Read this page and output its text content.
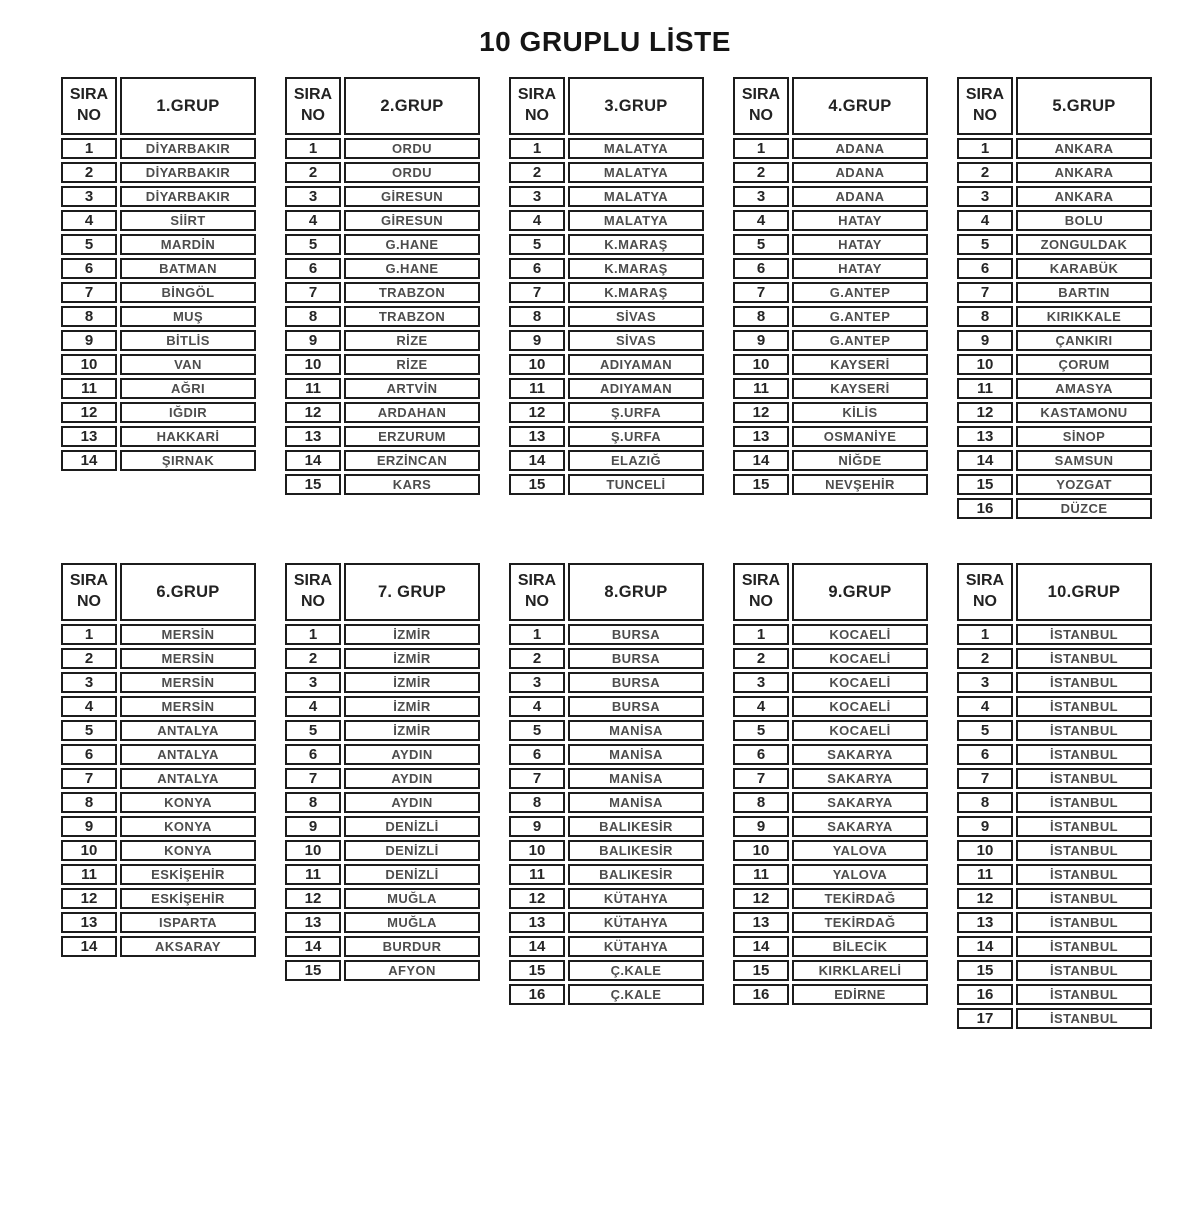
10 GRUPLU LİSTE
SIRA
NO	1.GRUP
1	DİYARBAKIR
2	DİYARBAKIR
3	DİYARBAKIR
4	SİİRT
5	MARDİN
6	BATMAN
7	BİNGÖL
8	MUŞ
9	BİTLİS
10	VAN
11	AĞRI
12	IĞDIR
13	HAKKARİ
14	ŞIRNAK
SIRA
NO	2.GRUP
1	ORDU
2	ORDU
3	GİRESUN
4	GİRESUN
5	G.HANE
6	G.HANE
7	TRABZON
8	TRABZON
9	RİZE
10	RİZE
11	ARTVİN
12	ARDAHAN
13	ERZURUM
14	ERZİNCAN
15	KARS
SIRA
NO	3.GRUP
1	MALATYA
2	MALATYA
3	MALATYA
4	MALATYA
5	K.MARAŞ
6	K.MARAŞ
7	K.MARAŞ
8	SİVAS
9	SİVAS
10	ADIYAMAN
11	ADIYAMAN
12	Ş.URFA
13	Ş.URFA
14	ELAZIĞ
15	TUNCELİ
SIRA
NO	4.GRUP
1	ADANA
2	ADANA
3	ADANA
4	HATAY
5	HATAY
6	HATAY
7	G.ANTEP
8	G.ANTEP
9	G.ANTEP
10	KAYSERİ
11	KAYSERİ
12	KİLİS
13	OSMANİYE
14	NİĞDE
15	NEVŞEHİR
SIRA
NO	5.GRUP
1	ANKARA
2	ANKARA
3	ANKARA
4	BOLU
5	ZONGULDAK
6	KARABÜK
7	BARTIN
8	KIRIKKALE
9	ÇANKIRI
10	ÇORUM
11	AMASYA
12	KASTAMONU
13	SİNOP
14	SAMSUN
15	YOZGAT
16	DÜZCE
SIRA
NO	6.GRUP
1	MERSİN
2	MERSİN
3	MERSİN
4	MERSİN
5	ANTALYA
6	ANTALYA
7	ANTALYA
8	KONYA
9	KONYA
10	KONYA
11	ESKİŞEHİR
12	ESKİŞEHİR
13	ISPARTA
14	AKSARAY
SIRA
NO	7. GRUP
1	İZMİR
2	İZMİR
3	İZMİR
4	İZMİR
5	İZMİR
6	AYDIN
7	AYDIN
8	AYDIN
9	DENİZLİ
10	DENİZLİ
11	DENİZLİ
12	MUĞLA
13	MUĞLA
14	BURDUR
15	AFYON
SIRA
NO	8.GRUP
1	BURSA
2	BURSA
3	BURSA
4	BURSA
5	MANİSA
6	MANİSA
7	MANİSA
8	MANİSA
9	BALIKESİR
10	BALIKESİR
11	BALIKESİR
12	KÜTAHYA
13	KÜTAHYA
14	KÜTAHYA
15	Ç.KALE
16	Ç.KALE
SIRA
NO	9.GRUP
1	KOCAELİ
2	KOCAELİ
3	KOCAELİ
4	KOCAELİ
5	KOCAELİ
6	SAKARYA
7	SAKARYA
8	SAKARYA
9	SAKARYA
10	YALOVA
11	YALOVA
12	TEKİRDAĞ
13	TEKİRDAĞ
14	BİLECİK
15	KIRKLARELİ
16	EDİRNE
SIRA
NO	10.GRUP
1	İSTANBUL
2	İSTANBUL
3	İSTANBUL
4	İSTANBUL
5	İSTANBUL
6	İSTANBUL
7	İSTANBUL
8	İSTANBUL
9	İSTANBUL
10	İSTANBUL
11	İSTANBUL
12	İSTANBUL
13	İSTANBUL
14	İSTANBUL
15	İSTANBUL
16	İSTANBUL
17	İSTANBUL
